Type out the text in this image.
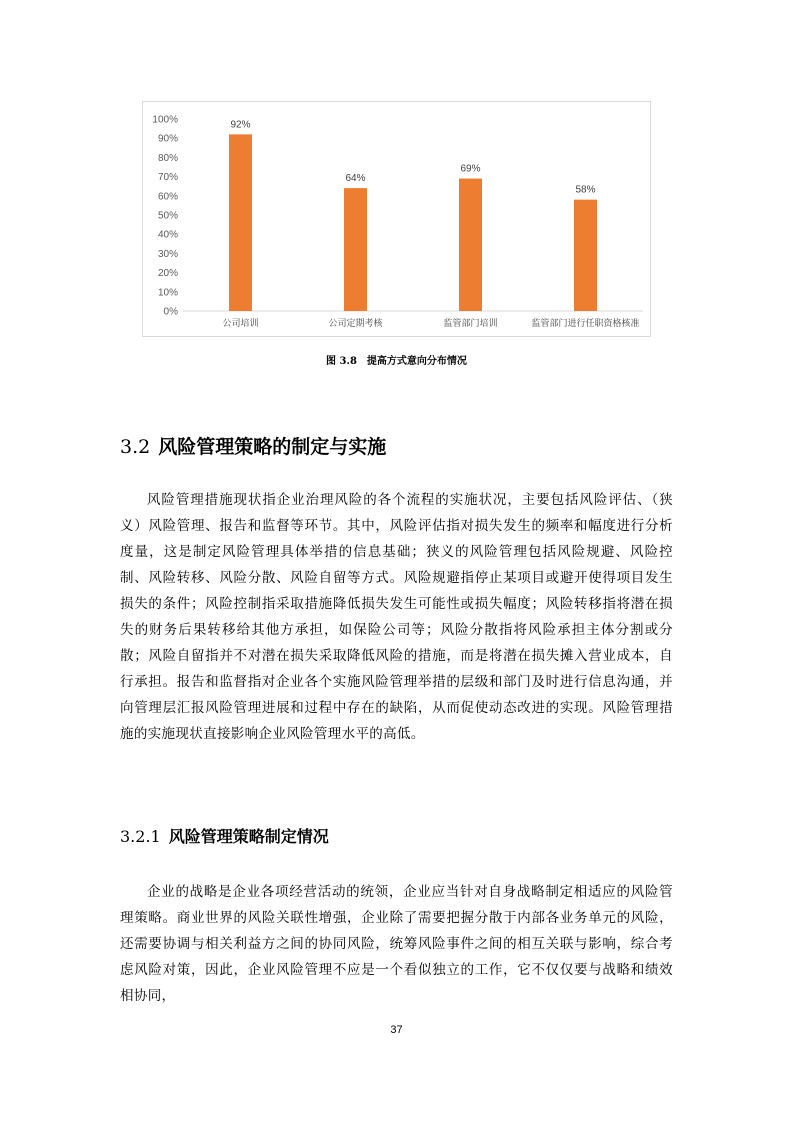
0%
10%
20%
30%
40%
50%
60%
70%
80%
90%
100%	92%
公司培训
64%
公司定期考核
69%
监管部门培训
58%
监管部门进行任职资格核准
图 3.8　提高方式意向分布情况
3.2 风险管理策略的制定与实施

风险管理措施现状指企业治理风险的各个流程的实施状况，主要包括风险评估、（狭义）风险管理、报告和监督等环节。其中，风险评估指对损失发生的频率和幅度进行分析度量，这是制定风险管理具体举措的信息基础；狭义的风险管理包括风险规避、风险控制、风险转移、风险分散、风险自留等方式。风险规避指停止某项目或避开使得项目发生损失的条件；风险控制指采取措施降低损失发生可能性或损失幅度；风险转移指将潜在损失的财务后果转移给其他方承担，如保险公司等；风险分散指将风险承担主体分割或分散；风险自留指并不对潜在损失采取降低风险的措施，而是将潜在损失摊入营业成本，自行承担。报告和监督指对企业各个实施风险管理举措的层级和部门及时进行信息沟通，并向管理层汇报风险管理进展和过程中存在的缺陷，从而促使动态改进的实现。风险管理措施的实施现状直接影响企业风险管理水平的高低。

3.2.1 风险管理策略制定情况

企业的战略是企业各项经营活动的统领，企业应当针对自身战略制定相适应的风险管理策略。商业世界的风险关联性增强，企业除了需要把握分散于内部各业务单元的风险，还需要协调与相关利益方之间的协同风险，统筹风险事件之间的相互关联与影响，综合考虑风险对策，因此，企业风险管理不应是一个看似独立的工作，它不仅仅要与战略和绩效相协同，

37
